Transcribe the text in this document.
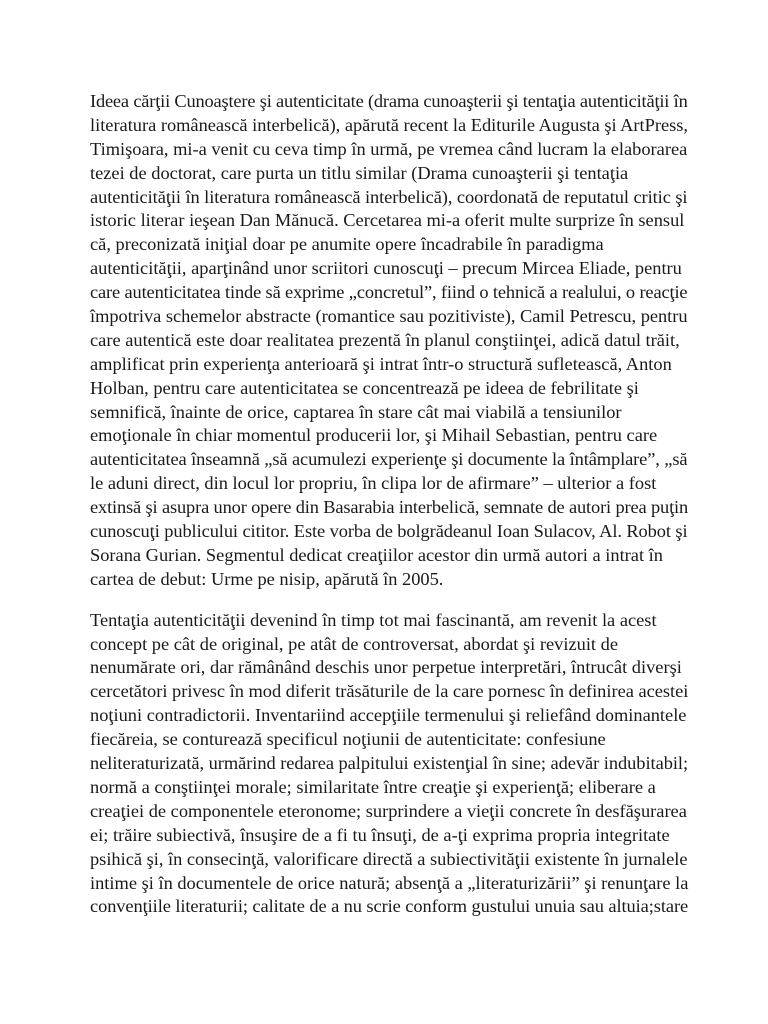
Ideea cărţii Cunoaştere şi autenticitate (drama cunoaşterii şi tentaţia autenticităţii în
literatura românească interbelică), apărută recent la Editurile Augusta şi ArtPress,
Timişoara, mi-a venit cu ceva timp în urmă, pe vremea când lucram la elaborarea
tezei de doctorat, care purta un titlu similar (Drama cunoaşterii şi tentaţia
autenticităţii în literatura românească interbelică), coordonată de reputatul critic şi
istoric literar ieşean Dan Mănucă. Cercetarea mi-a oferit multe surprize în sensul
că, preconizată iniţial doar pe anumite opere încadrabile în paradigma
autenticităţii, aparţinând unor scriitori cunoscuţi – precum Mircea Eliade, pentru
care autenticitatea tinde să exprime „concretul”, fiind o tehnică a realului, o reacţie
împotriva schemelor abstracte (romantice sau pozitiviste), Camil Petrescu, pentru
care autentică este doar realitatea prezentă în planul conştiinţei, adică datul trăit,
amplificat prin experienţa anterioară şi intrat într-o structură sufletească, Anton
Holban, pentru care autenticitatea se concentrează pe ideea de febrilitate şi
semnifică, înainte de orice, captarea în stare cât mai viabilă a tensiunilor
emoţionale în chiar momentul producerii lor, şi Mihail Sebastian, pentru care
autenticitatea înseamnă „să acumulezi experienţe şi documente la întâmplare”, „să
le aduni direct, din locul lor propriu, în clipa lor de afirmare” – ulterior a fost
extinsă şi asupra unor opere din Basarabia interbelică, semnate de autori prea puţin
cunoscuţi publicului cititor. Este vorba de bolgrădeanul Ioan Sulacov, Al. Robot şi
Sorana Gurian. Segmentul dedicat creaţiilor acestor din urmă autori a intrat în
cartea de debut: Urme pe nisip, apărută în 2005.
Tentaţia autenticităţii devenind în timp tot mai fascinantă, am revenit la acest
concept pe cât de original, pe atât de controversat, abordat şi revizuit de
nenumărate ori, dar rămânând deschis unor perpetue interpretări, întrucât diverşi
cercetători privesc în mod diferit trăsăturile de la care pornesc în definirea acestei
noţiuni contradictorii. Inventariind accepţiile termenului şi reliefând dominantele
fiecăreia, se conturează specificul noţiunii de autenticitate: confesiune
neliteraturizată, urmărind redarea palpitului existenţial în sine; adevăr indubitabil;
normă a conştiinţei morale; similaritate între creaţie şi experienţă; eliberare a
creaţiei de componentele eteronome; surprindere a vieţii concrete în desfăşurarea
ei; trăire subiectivă, însuşire de a fi tu însuţi, de a-ţi exprima propria integritate
psihică şi, în consecinţă, valorificare directă a subiectivităţii existente în jurnalele
intime şi în documentele de orice natură; absenţă a „literaturizării” şi renunţare la
convenţiile literaturii; calitate de a nu scrie conform gustului unuia sau altuia;stare
